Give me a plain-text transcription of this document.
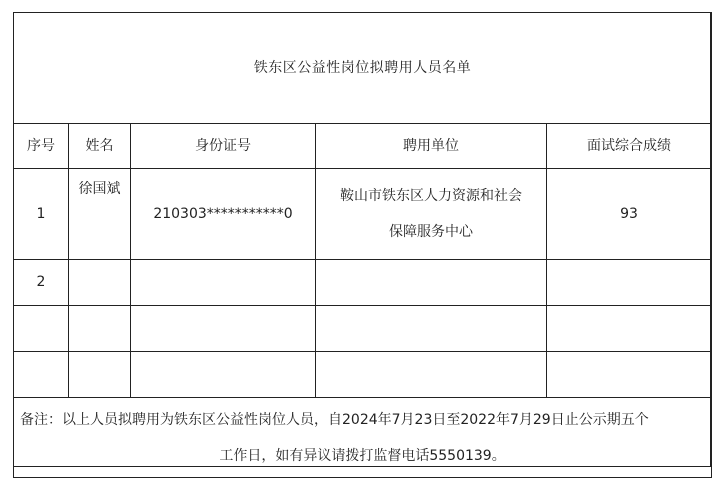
铁东区公益性岗位拟聘用人员名单				
序号	姓名	身份证号	聘用单位	面试综合成绩
1	徐国斌	210303***********0	鞍山市铁东区人力资源和社会
保障服务中心	93
2				

备注：以上人员拟聘用为铁东区公益性岗位人员，自2024年7月23日至2022年7月29日止公示期五个
工作日，如有异议请拨打监督电话5550139。				
